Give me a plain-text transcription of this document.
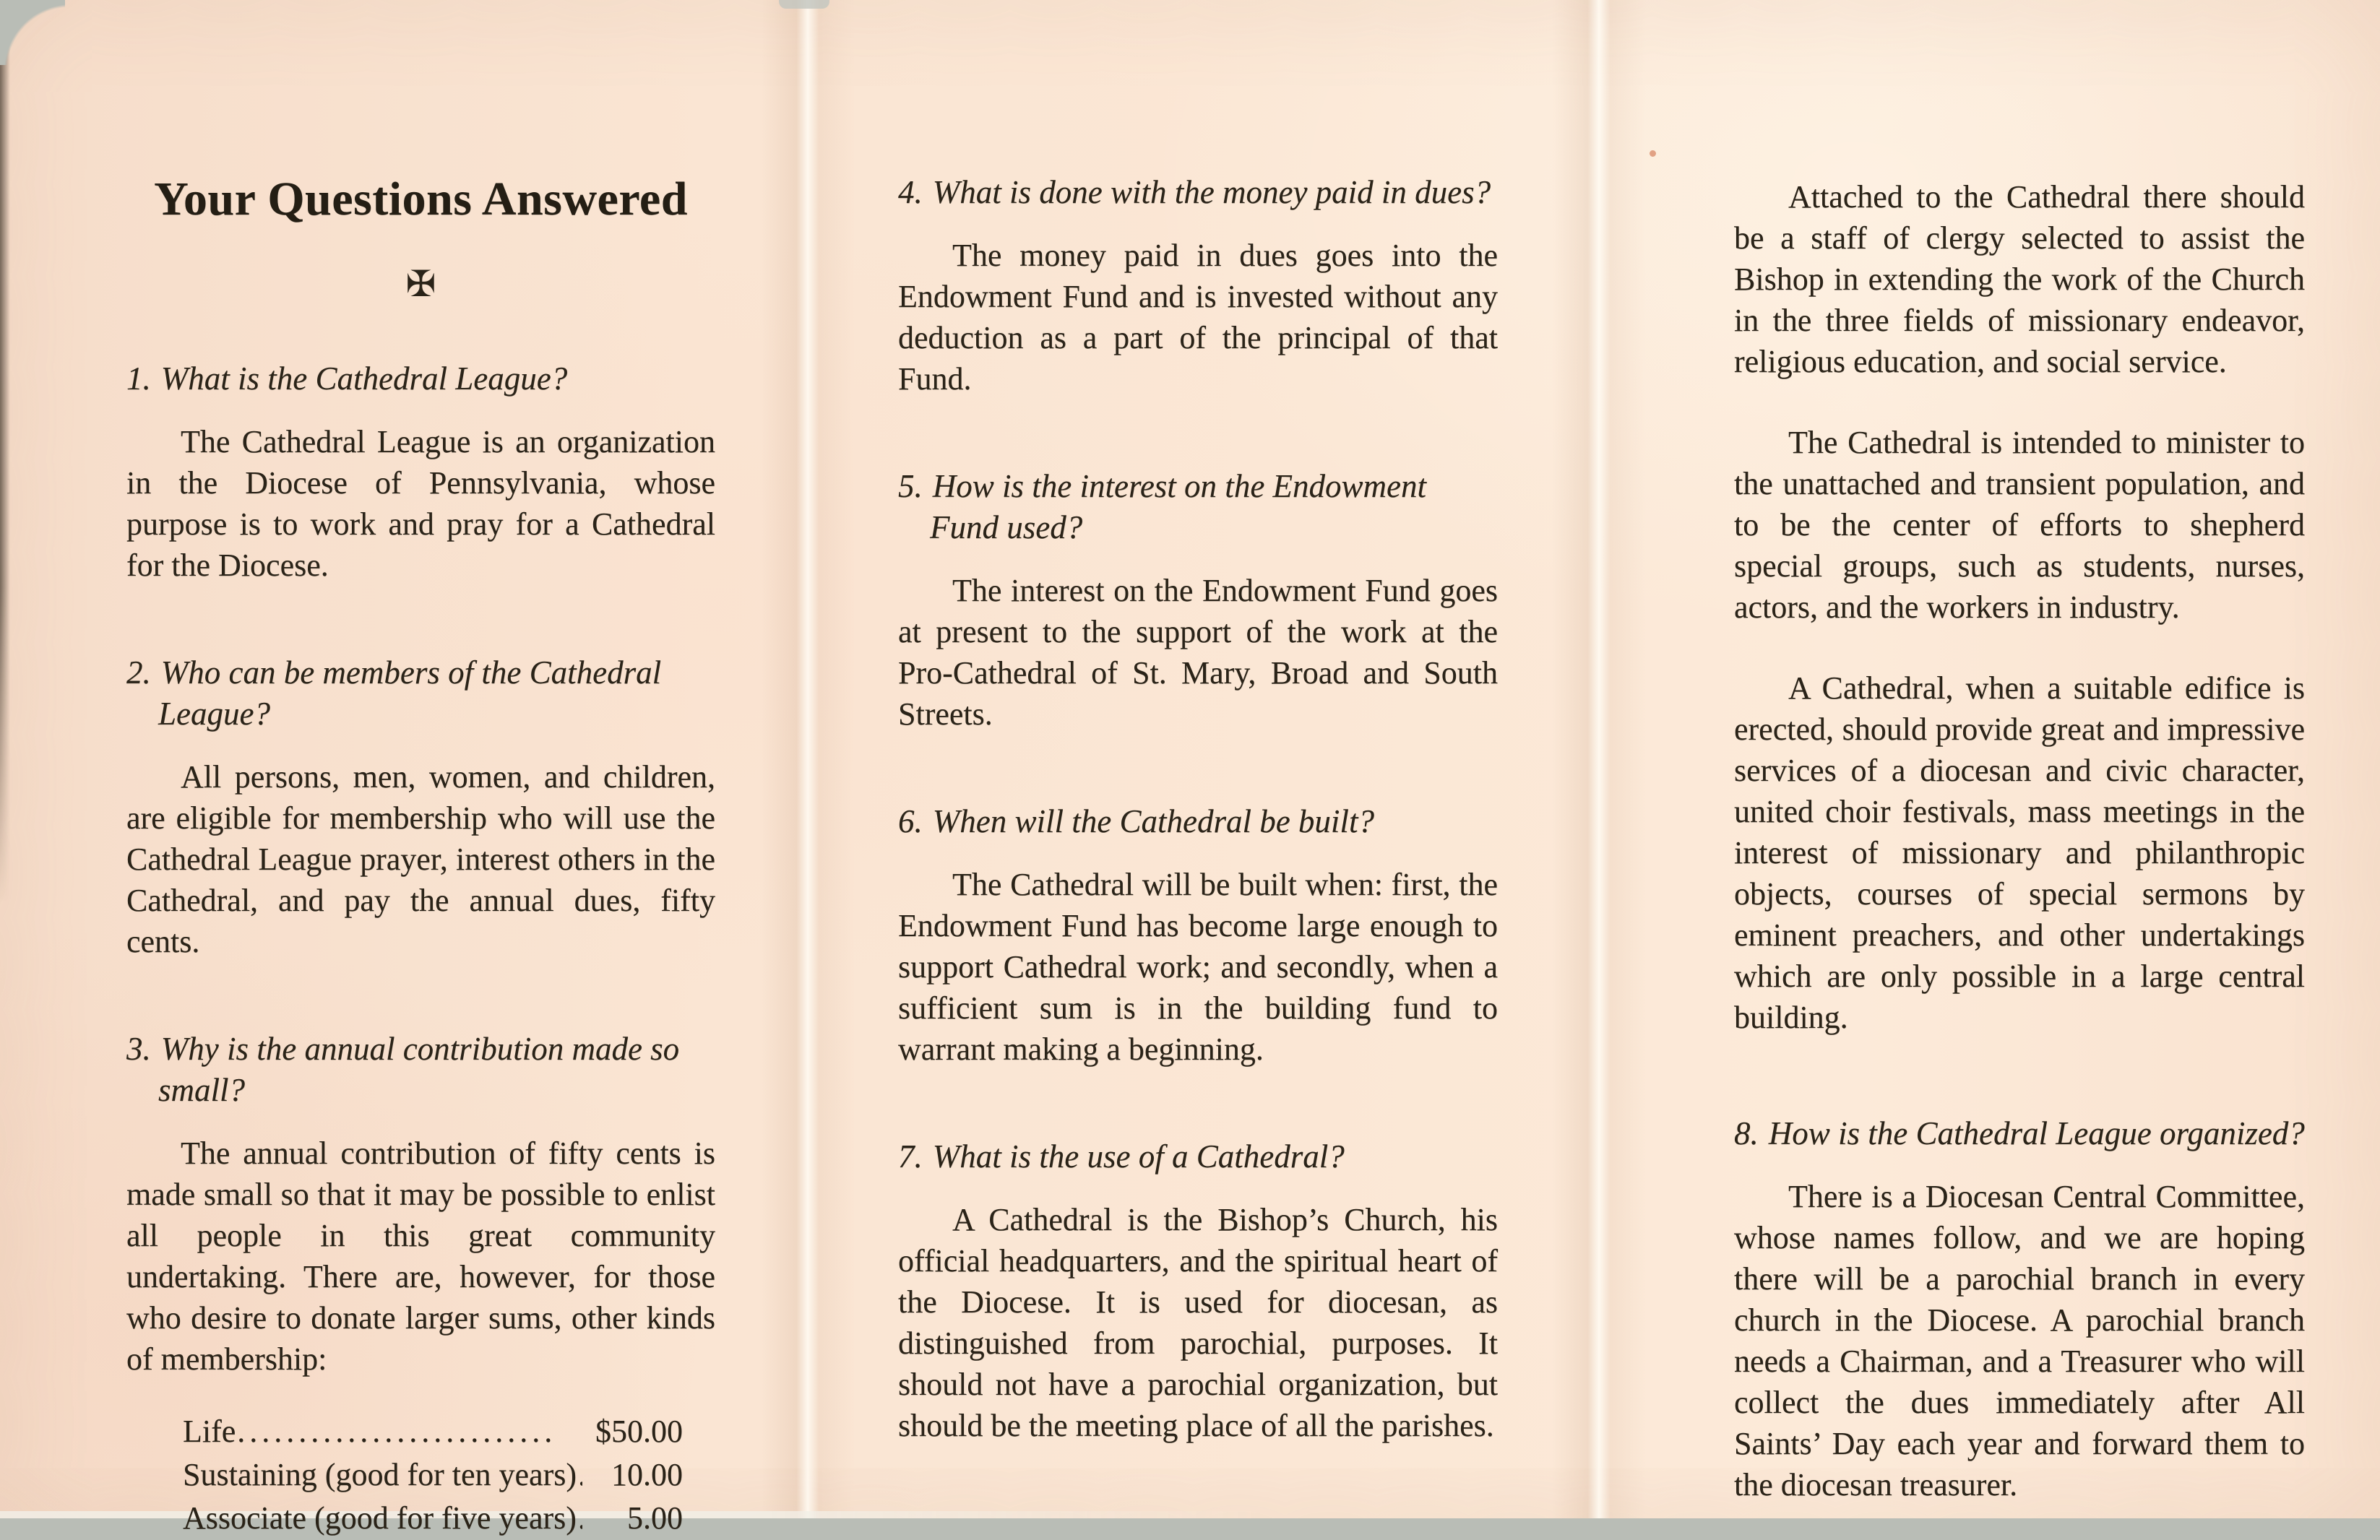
Your Questions Answered
✠
1. What is the Cathedral League?

The Cathedral League is an organization in the Diocese of Pennsylvania, whose purpose is to work and pray for a Cathedral for the Diocese.

2. Who can be members of the Cathedral League?

All persons, men, women, and children, are eligible for membership who will use the Cathedral League prayer, interest others in the Cathedral, and pay the annual dues, fifty cents.

3. Why is the annual contribution made so small?

The annual contribution of fifty cents is made small so that it may be possible to enlist all people in this great community undertaking. There are, however, for those who desire to donate larger sums, other kinds of membership:

Life .....	$50.00
Sustaining (good for ten years) .....	10.00
Associate (good for five years) .....	5.00
4. What is done with the money paid in dues?

The money paid in dues goes into the Endowment Fund and is invested without any deduction as a part of the principal of that Fund.

5. How is the interest on the Endowment Fund used?

The interest on the Endowment Fund goes at present to the support of the work at the Pro-Cathedral of St. Mary, Broad and South Streets.

6. When will the Cathedral be built?

The Cathedral will be built when: first, the Endowment Fund has become large enough to support Cathedral work; and secondly, when a sufficient sum is in the building fund to warrant making a beginning.

7. What is the use of a Cathedral?

A Cathedral is the Bishop’s Church, his official headquarters, and the spiritual heart of the Diocese. It is used for diocesan, as distinguished from parochial, purposes. It should not have a parochial organization, but should be the meeting place of all the parishes.

Attached to the Cathedral there should be a staff of clergy selected to assist the Bishop in extending the work of the Church in the three fields of missionary endeavor, religious education, and social service.

The Cathedral is intended to minister to the unattached and transient population, and to be the center of efforts to shepherd special groups, such as students, nurses, actors, and the workers in industry.

A Cathedral, when a suitable edifice is erected, should provide great and impressive services of a diocesan and civic character, united choir festivals, mass meetings in the interest of missionary and philanthropic objects, courses of special sermons by eminent preachers, and other undertakings which are only possible in a large central building.

8. How is the Cathedral League organized?

There is a Diocesan Central Committee, whose names follow, and we are hoping there will be a parochial branch in every church in the Diocese. A parochial branch needs a Chairman, and a Treasurer who will collect the dues immediately after All Saints’ Day each year and forward them to the diocesan treasurer.
